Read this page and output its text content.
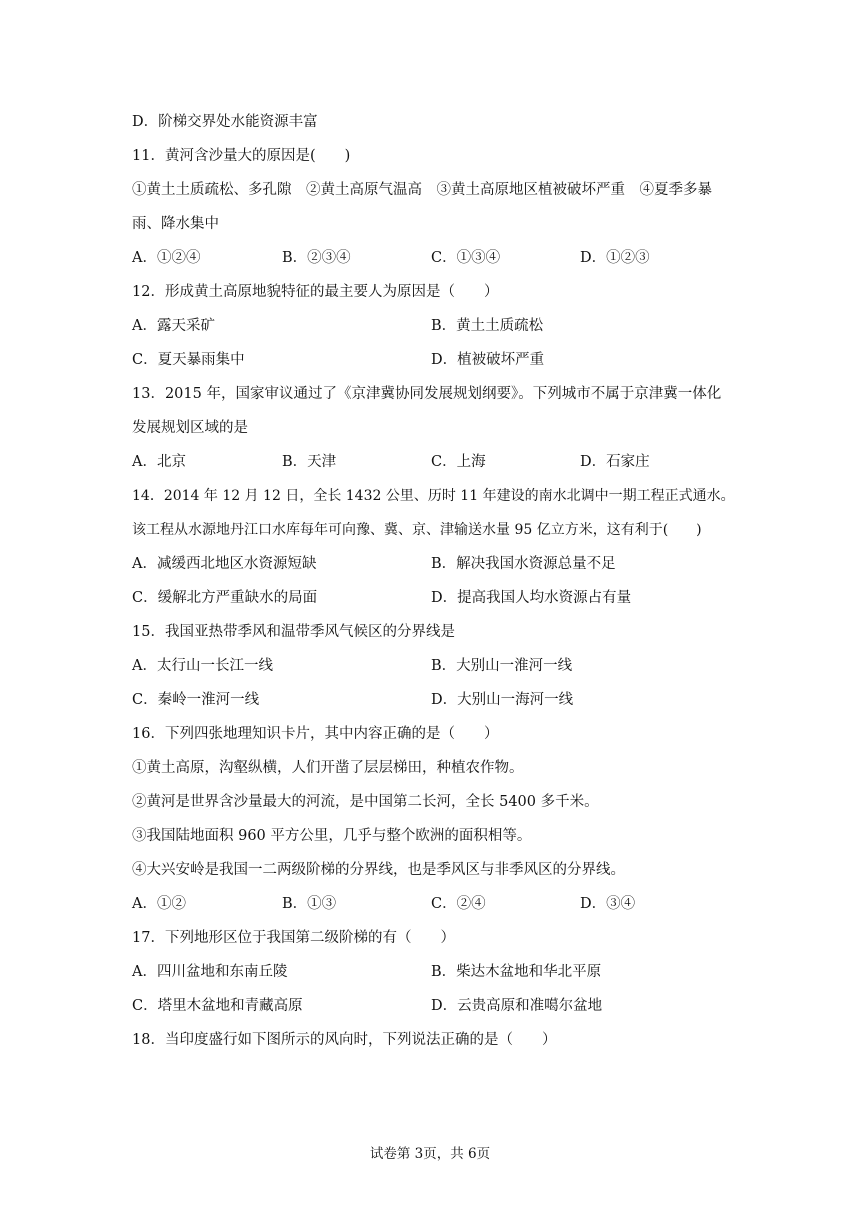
D．阶梯交界处水能资源丰富
11．黄河含沙量大的原因是(　　)
①黄土土质疏松、多孔隙　②黄土高原气温高　③黄土高原地区植被破坏严重　④夏季多暴
雨、降水集中
A．①②④	B．②③④	C．①③④	D．①②③
12．形成黄土高原地貌特征的最主要人为原因是（　　）
A．露天采矿	B．黄土土质疏松
C．夏天暴雨集中	D．植被破坏严重
13．2015 年，国家审议通过了《京津冀协同发展规划纲要》。下列城市不属于京津冀一体化
发展规划区域的是
A．北京	B．天津	C．上海	D．石家庄
14．2014 年 12 月 12 日，全长 1432 公里、历时 11 年建设的南水北调中一期工程正式通水。
该工程从水源地丹江口水库每年可向豫、冀、京、津输送水量 95 亿立方米，这有利于(　　)
A．减缓西北地区水资源短缺	B．解决我国水资源总量不足
C．缓解北方严重缺水的局面	D．提高我国人均水资源占有量
15．我国亚热带季风和温带季风气候区的分界线是
A．太行山一长江一线	B．大别山一淮河一线
C．秦岭一淮河一线	D．大别山一海河一线
16．下列四张地理知识卡片，其中内容正确的是（　　）
①黄土高原，沟壑纵横，人们开凿了层层梯田，种植农作物。
②黄河是世界含沙量最大的河流，是中国第二长河，全长 5400 多千米。
③我国陆地面积 960 平方公里，几乎与整个欧洲的面积相等。
④大兴安岭是我国一二两级阶梯的分界线，也是季风区与非季风区的分界线。
A．①②	B．①③	C．②④	D．③④
17．下列地形区位于我国第二级阶梯的有（　　）
A．四川盆地和东南丘陵	B．柴达木盆地和华北平原
C．塔里木盆地和青藏高原	D．云贵高原和准噶尔盆地
18．当印度盛行如下图所示的风向时，下列说法正确的是（　　）
试卷第 3页，共 6页
